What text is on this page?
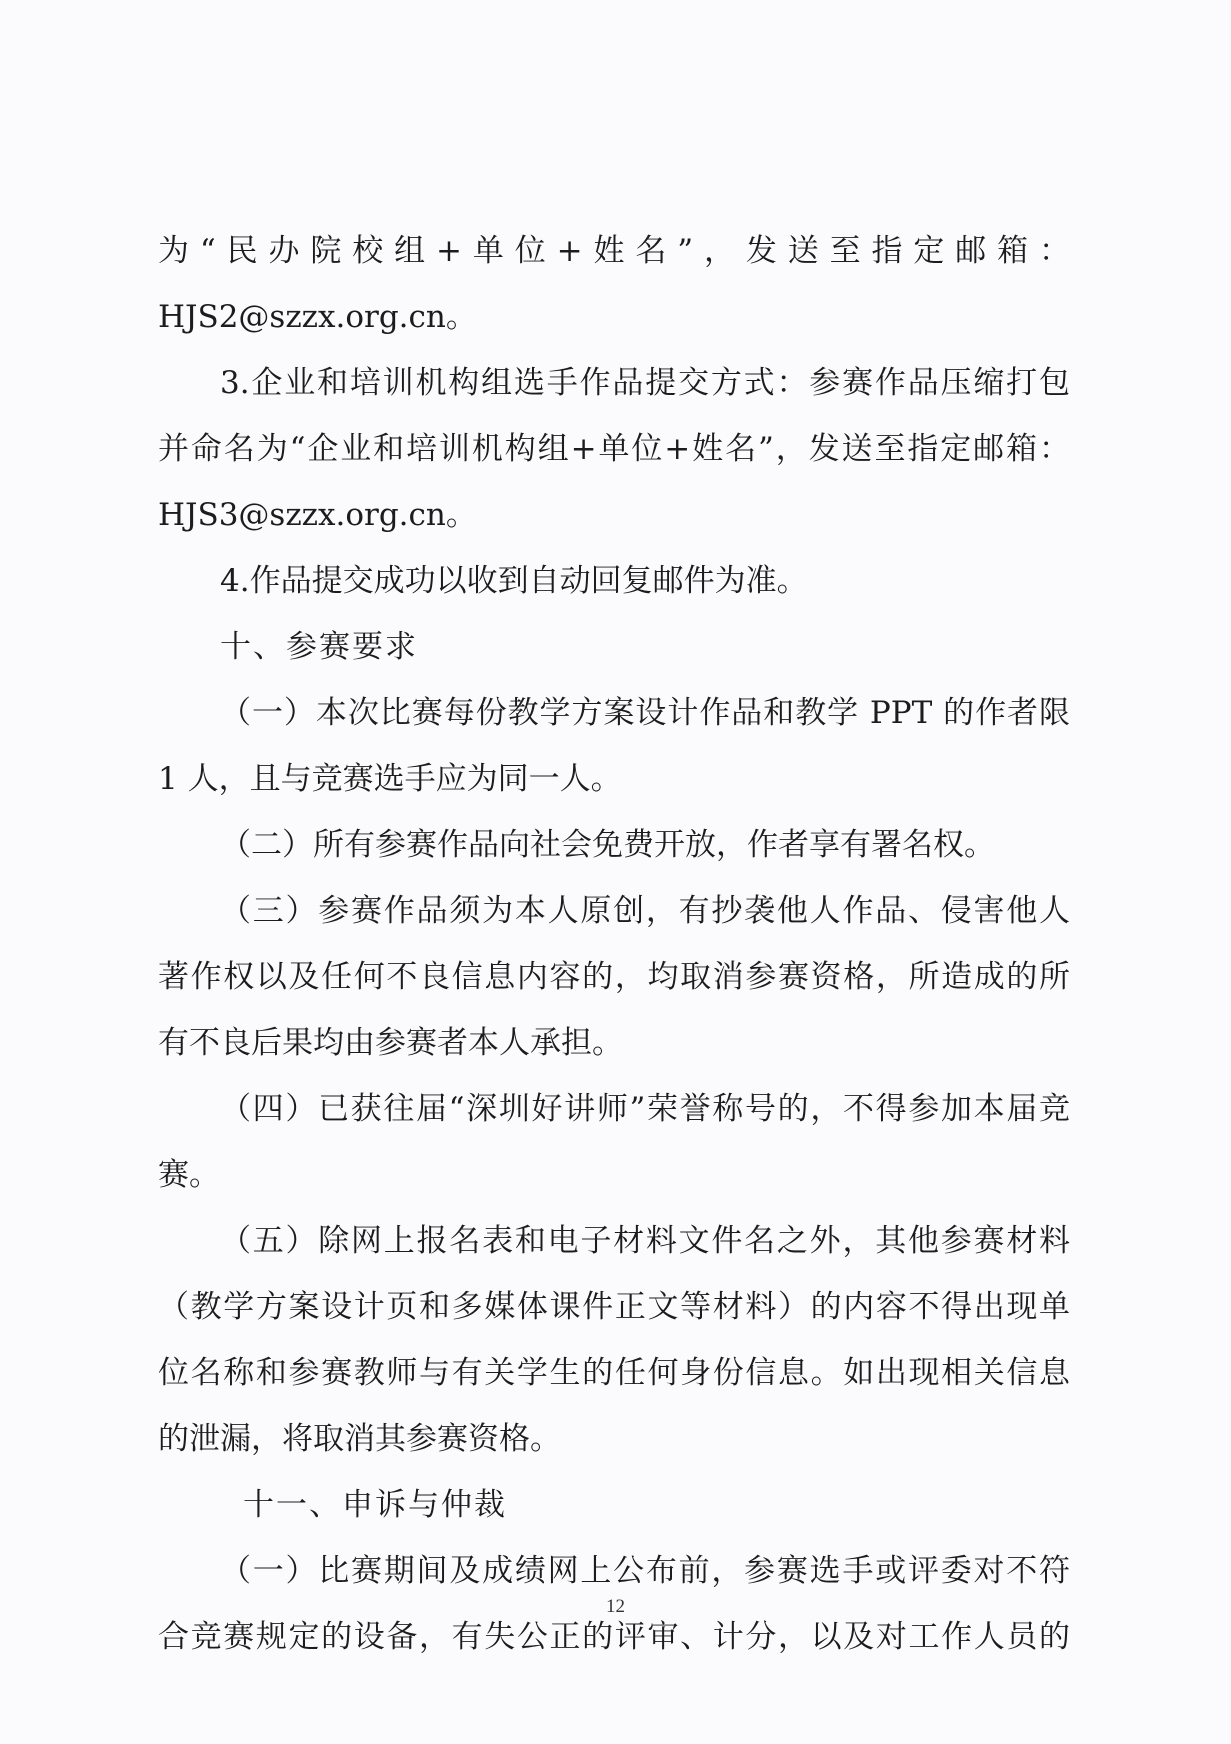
为“民办院校组+单位+姓名”，发送至指定邮箱：
HJS2@szzx.org.cn。
3.企业和培训机构组选手作品提交方式：参赛作品压缩打包
并命名为“企业和培训机构组+单位+姓名”，发送至指定邮箱：
HJS3@szzx.org.cn。
4.作品提交成功以收到自动回复邮件为准。
十、参赛要求
（一）本次比赛每份教学方案设计作品和教学 PPT 的作者限
1 人，且与竞赛选手应为同一人。
（二）所有参赛作品向社会免费开放，作者享有署名权。
（三）参赛作品须为本人原创，有抄袭他人作品、侵害他人
著作权以及任何不良信息内容的，均取消参赛资格，所造成的所
有不良后果均由参赛者本人承担。
（四）已获往届“深圳好讲师”荣誉称号的，不得参加本届竞
赛。
（五）除网上报名表和电子材料文件名之外，其他参赛材料
（教学方案设计页和多媒体课件正文等材料）的内容不得出现单
位名称和参赛教师与有关学生的任何身份信息。如出现相关信息
的泄漏，将取消其参赛资格。
十一、申诉与仲裁
（一）比赛期间及成绩网上公布前，参赛选手或评委对不符
合竞赛规定的设备，有失公正的评审、计分，以及对工作人员的
12
